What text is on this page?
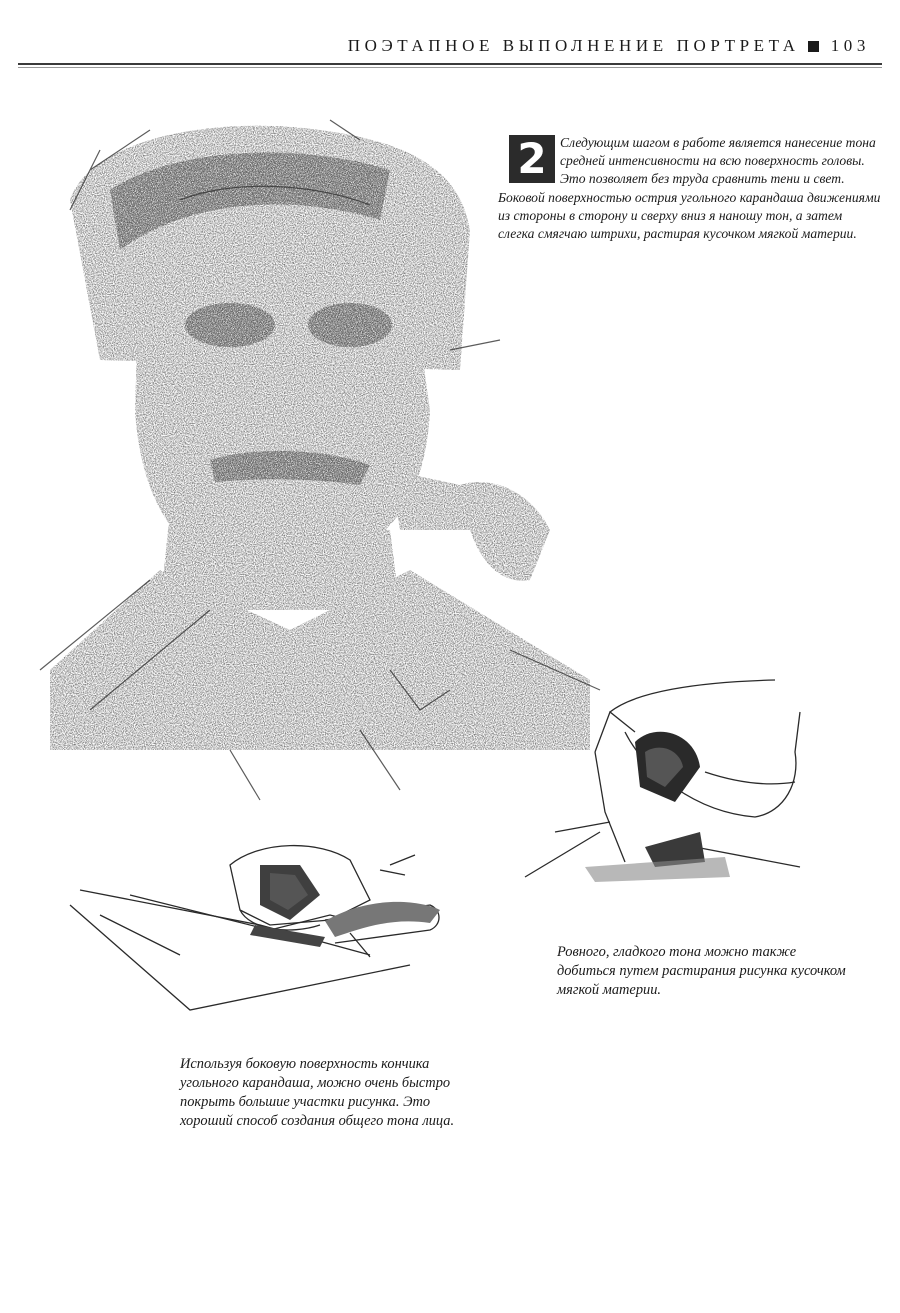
ПОЭТАПНОЕ ВЫПОЛНЕНИЕ ПОРТРЕТА 103
2 Следующим шагом в работе является нанесение тона средней интенсивности на всю поверхность головы. Это позволяет без труда сравнить тени и свет. Боковой поверхностью острия угольного карандаша движениями из стороны в сторону и сверху вниз я наношу тон, а затем слегка смягчаю штрихи, растирая кусочком мягкой материи.

Ровного, гладкого тона можно также добиться путем растирания рисунка кусочком мягкой материи.

Используя боковую поверхность кончика угольного карандаша, можно очень быстро покрыть большие участки рисунка. Это хороший способ создания общего тона лица.
